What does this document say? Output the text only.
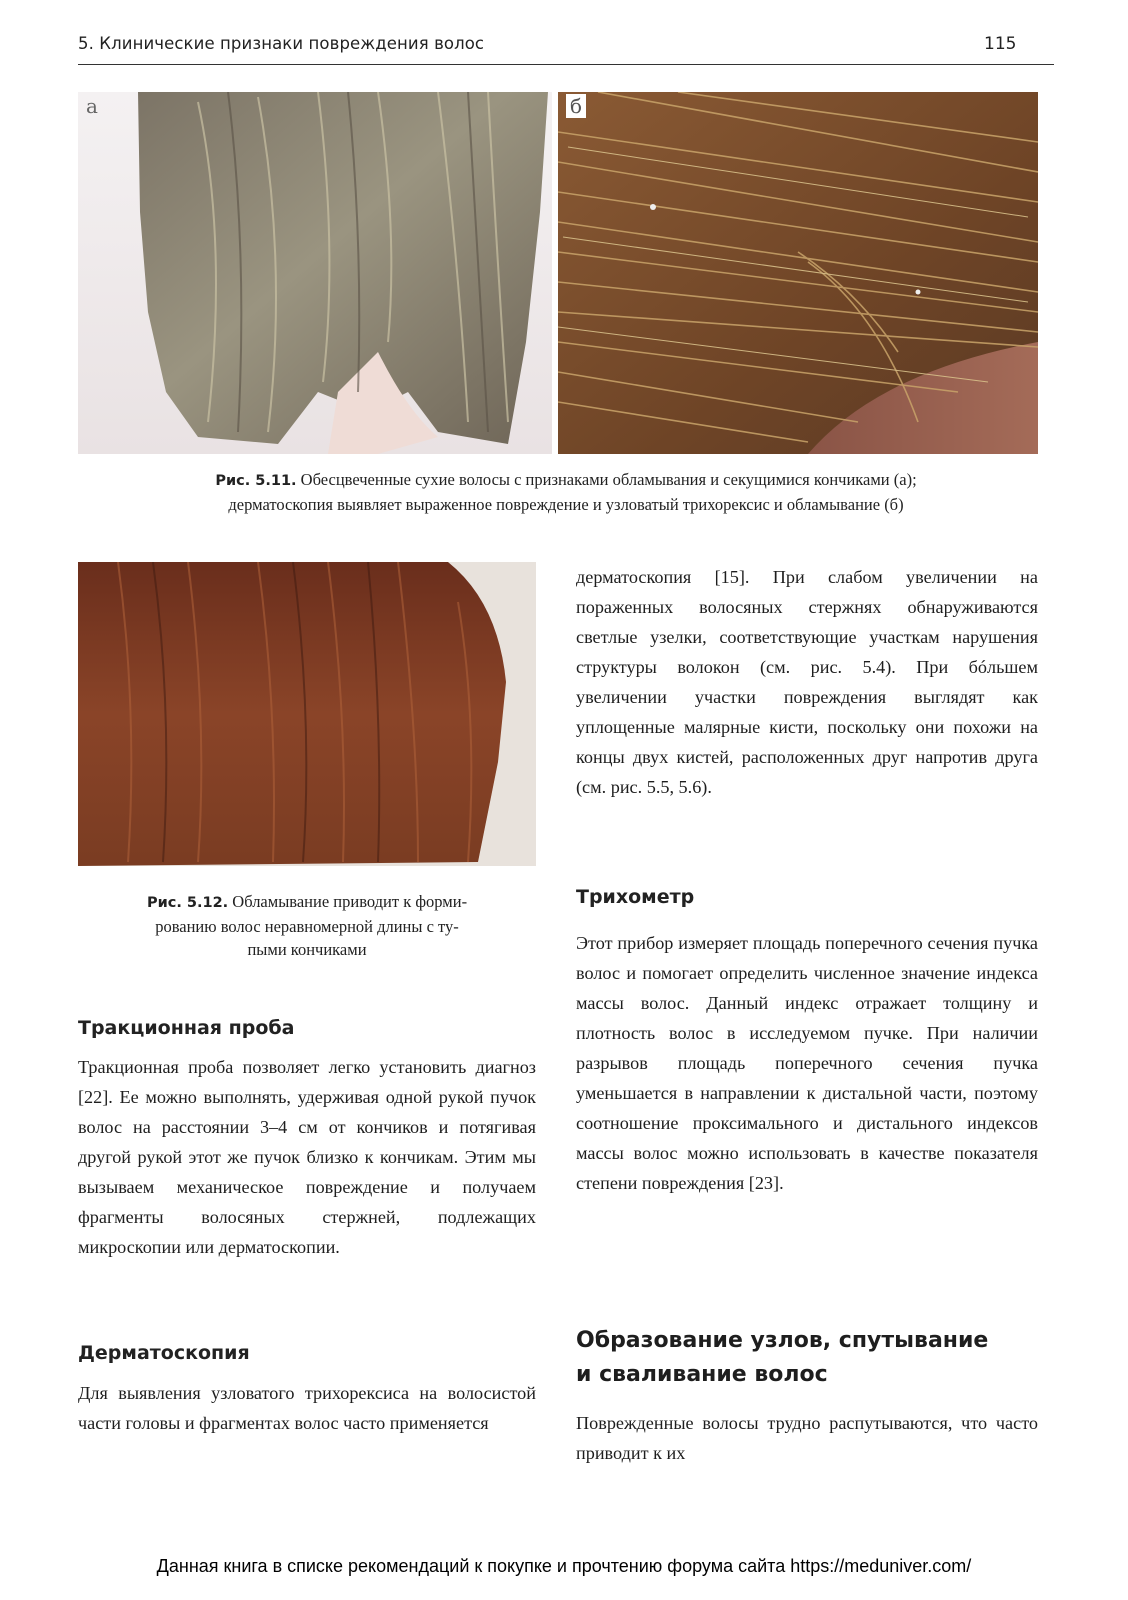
5. Клинические признаки повреждения волос	115
а	б
Рис. 5.11. Обесцвеченные сухие волосы с признаками обламывания и секущимися кончиками (а);
дерматоскопия выявляет выраженное повреждение и узловатый трихорексис и обламывание (б)
Рис. 5.12. Обламывание приводит к форми-
рованию волос неравномерной длины с ту-
пыми кончиками
Тракционная проба
Тракционная проба позволяет легко установить диагноз [22]. Ее можно выполнять, удерживая одной рукой пучок волос на расстоянии 3–4 см от кончиков и потягивая другой рукой этот же пучок близко к кончикам. Этим мы вызываем механическое повреждение и получаем фрагменты волосяных стержней, подлежащих микроскопии или дерматоскопии.
Дерматоскопия
Для выявления узловатого трихорексиса на волосистой части головы и фрагментах волос часто применяется
дерматоскопия [15]. При слабом увеличении на пораженных волосяных стержнях обнаруживаются светлые узелки, соответствующие участкам нарушения структуры волокон (см. рис. 5.4). При бóльшем увеличении участки повреждения выглядят как уплощенные малярные кисти, поскольку они похожи на концы двух кистей, расположенных друг напротив друга (см. рис. 5.5, 5.6).
Трихометр
Этот прибор измеряет площадь поперечного сечения пучка волос и помогает определить численное значение индекса массы волос. Данный индекс отражает толщину и плотность волос в исследуемом пучке. При наличии разрывов площадь поперечного сечения пучка уменьшается в направлении к дистальной части, поэтому соотношение проксимального и дистального индексов массы волос можно использовать в качестве показателя степени повреждения [23].
Образование узлов, спутывание
и сваливание волос
Поврежденные волосы трудно распутываются, что часто приводит к их
Данная книга в списке рекомендаций к покупке и прочтению форума сайта https://meduniver.com/
